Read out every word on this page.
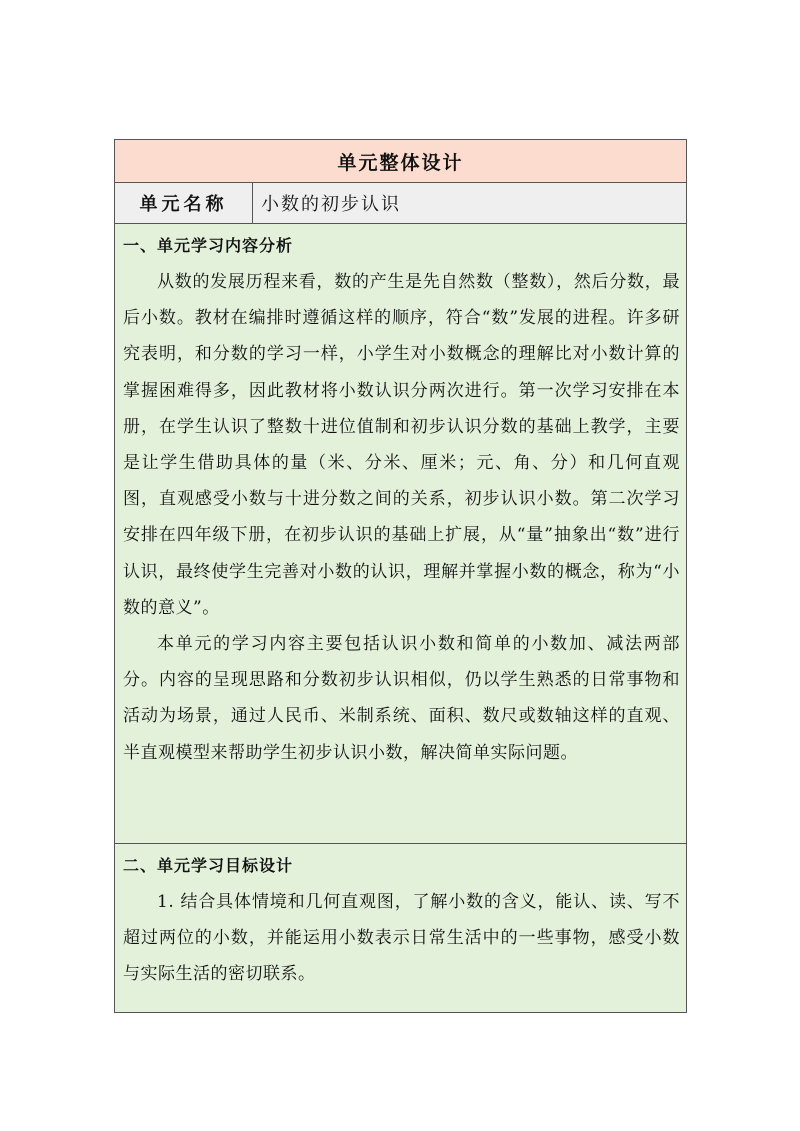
单元整体设计
单元名称	小数的初步认识
一、单元学习内容分析

从数的发展历程来看，数的产生是先自然数（整数），然后分数，最后小数。教材在编排时遵循这样的顺序，符合“数”发展的进程。许多研究表明，和分数的学习一样，小学生对小数概念的理解比对小数计算的掌握困难得多，因此教材将小数认识分两次进行。第一次学习安排在本册，在学生认识了整数十进位值制和初步认识分数的基础上教学，主要是让学生借助具体的量（米、分米、厘米；元、角、分）和几何直观图，直观感受小数与十进分数之间的关系，初步认识小数。第二次学习安排在四年级下册，在初步认识的基础上扩展，从“量”抽象出“数”进行认识，最终使学生完善对小数的认识，理解并掌握小数的概念，称为“小数的意义”。

本单元的学习内容主要包括认识小数和简单的小数加、减法两部分。内容的呈现思路和分数初步认识相似，仍以学生熟悉的日常事物和活动为场景，通过人民币、米制系统、面积、数尺或数轴这样的直观、半直观模型来帮助学生初步认识小数，解决简单实际问题。

二、单元学习目标设计

1. 结合具体情境和几何直观图，了解小数的含义，能认、读、写不超过两位的小数，并能运用小数表示日常生活中的一些事物，感受小数与实际生活的密切联系。
